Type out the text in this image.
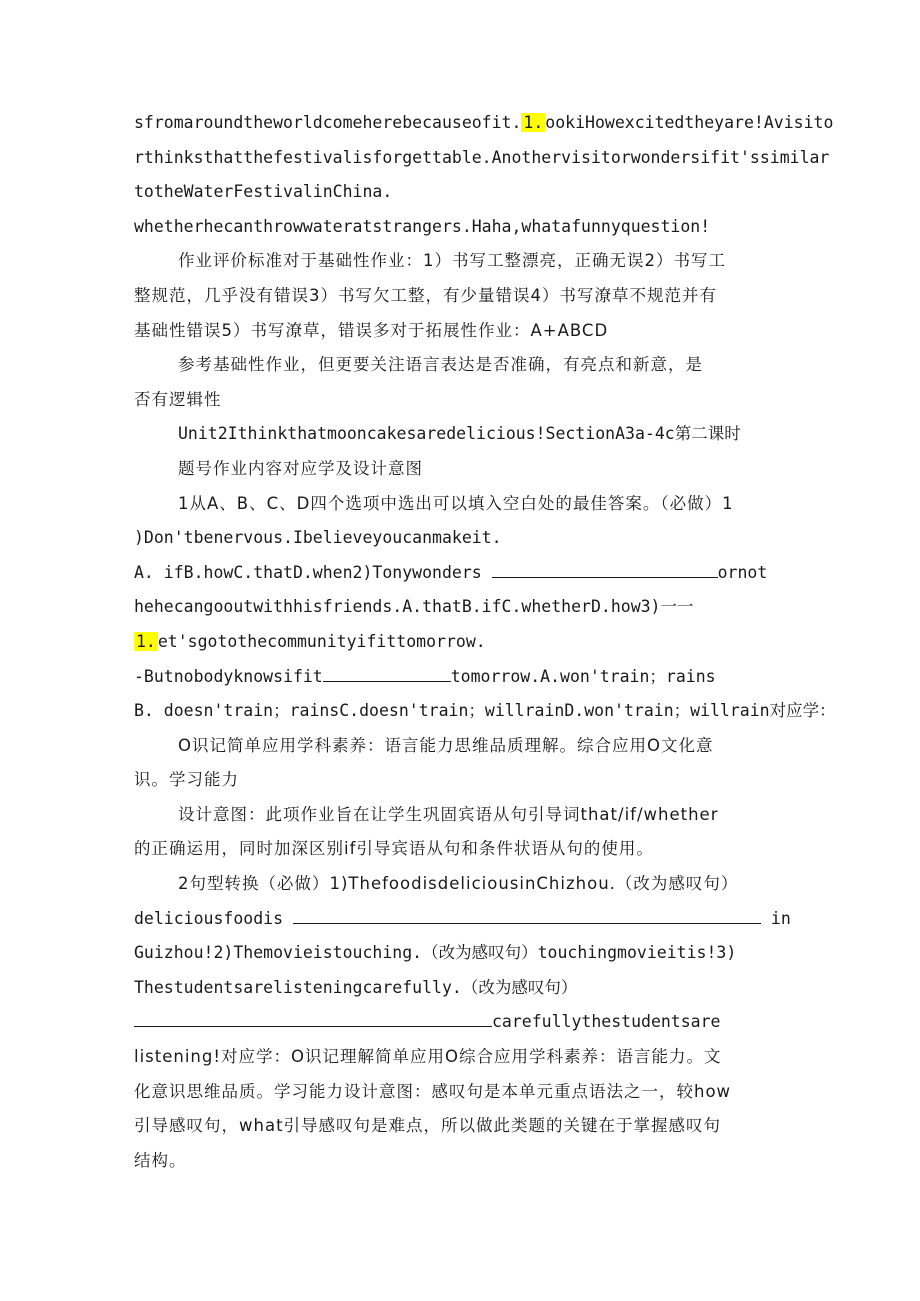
sfromaroundtheworldcomeherebecauseofit. 1. ookiHowexcitedtheyare!Avisito
rthinksthatthefestivalisforgettable.Anothervisitorwondersifit'ssimilar
totheWaterFestivalinChina.
whetherhecanthrowwateratstrangers.Haha,whatafunnyquestion!
作业评价标准对于基础性作业：1）书写工整漂亮，正确无误2）书写工
整规范，几乎没有错误3）书写欠工整，有少量错误4）书写潦草不规范并有
基础性错误5）书写潦草，错误多对于拓展性作业：A+ABCD
参考基础性作业，但更要关注语言表达是否准确，有亮点和新意，是
否有逻辑性
Unit2Ithinkthatmooncakesaredelicious!SectionA3a-4c第二课时
题号作业内容对应学及设计意图
1从A、B、C、D四个选项中选出可以填入空白处的最佳答案。（必做）1
)Don'tbenervous.Ibelieveyoucanmakeit.
A. ifB.howC.thatD.when2)Tonywonders	ornot
hehecangooutwithhisfriends.A.thatB.ifC.whetherD.how3)一一
1. et'sgotothecommunityifittomorrow.
-Butnobodyknowsifit	tomorrow.A.won'train；rains
B. doesn'train；rainsC.doesn'train；willrainD.won'train；willrain对应学：
O识记简单应用学科素养：语言能力思维品质理解。综合应用O文化意
识。学习能力
设计意图：此项作业旨在让学生巩固宾语从句引导词that/if/whether
的正确运用，同时加深区别if引导宾语从句和条件状语从句的使用。
2句型转换（必做）1)ThefoodisdeliciousinChizhou.（改为感叹句）
deliciousfoodis	in
Guizhou!2)Themovieistouching.（改为感叹句）touchingmovieitis!3)
Thestudentsarelisteningcarefully.（改为感叹句）
carefullythestudentsare
listening!对应学：O识记理解简单应用O综合应用学科素养：语言能力。文
化意识思维品质。学习能力设计意图：感叹句是本单元重点语法之一，较how
引导感叹句，what引导感叹句是难点，所以做此类题的关键在于掌握感叹句
结构。
